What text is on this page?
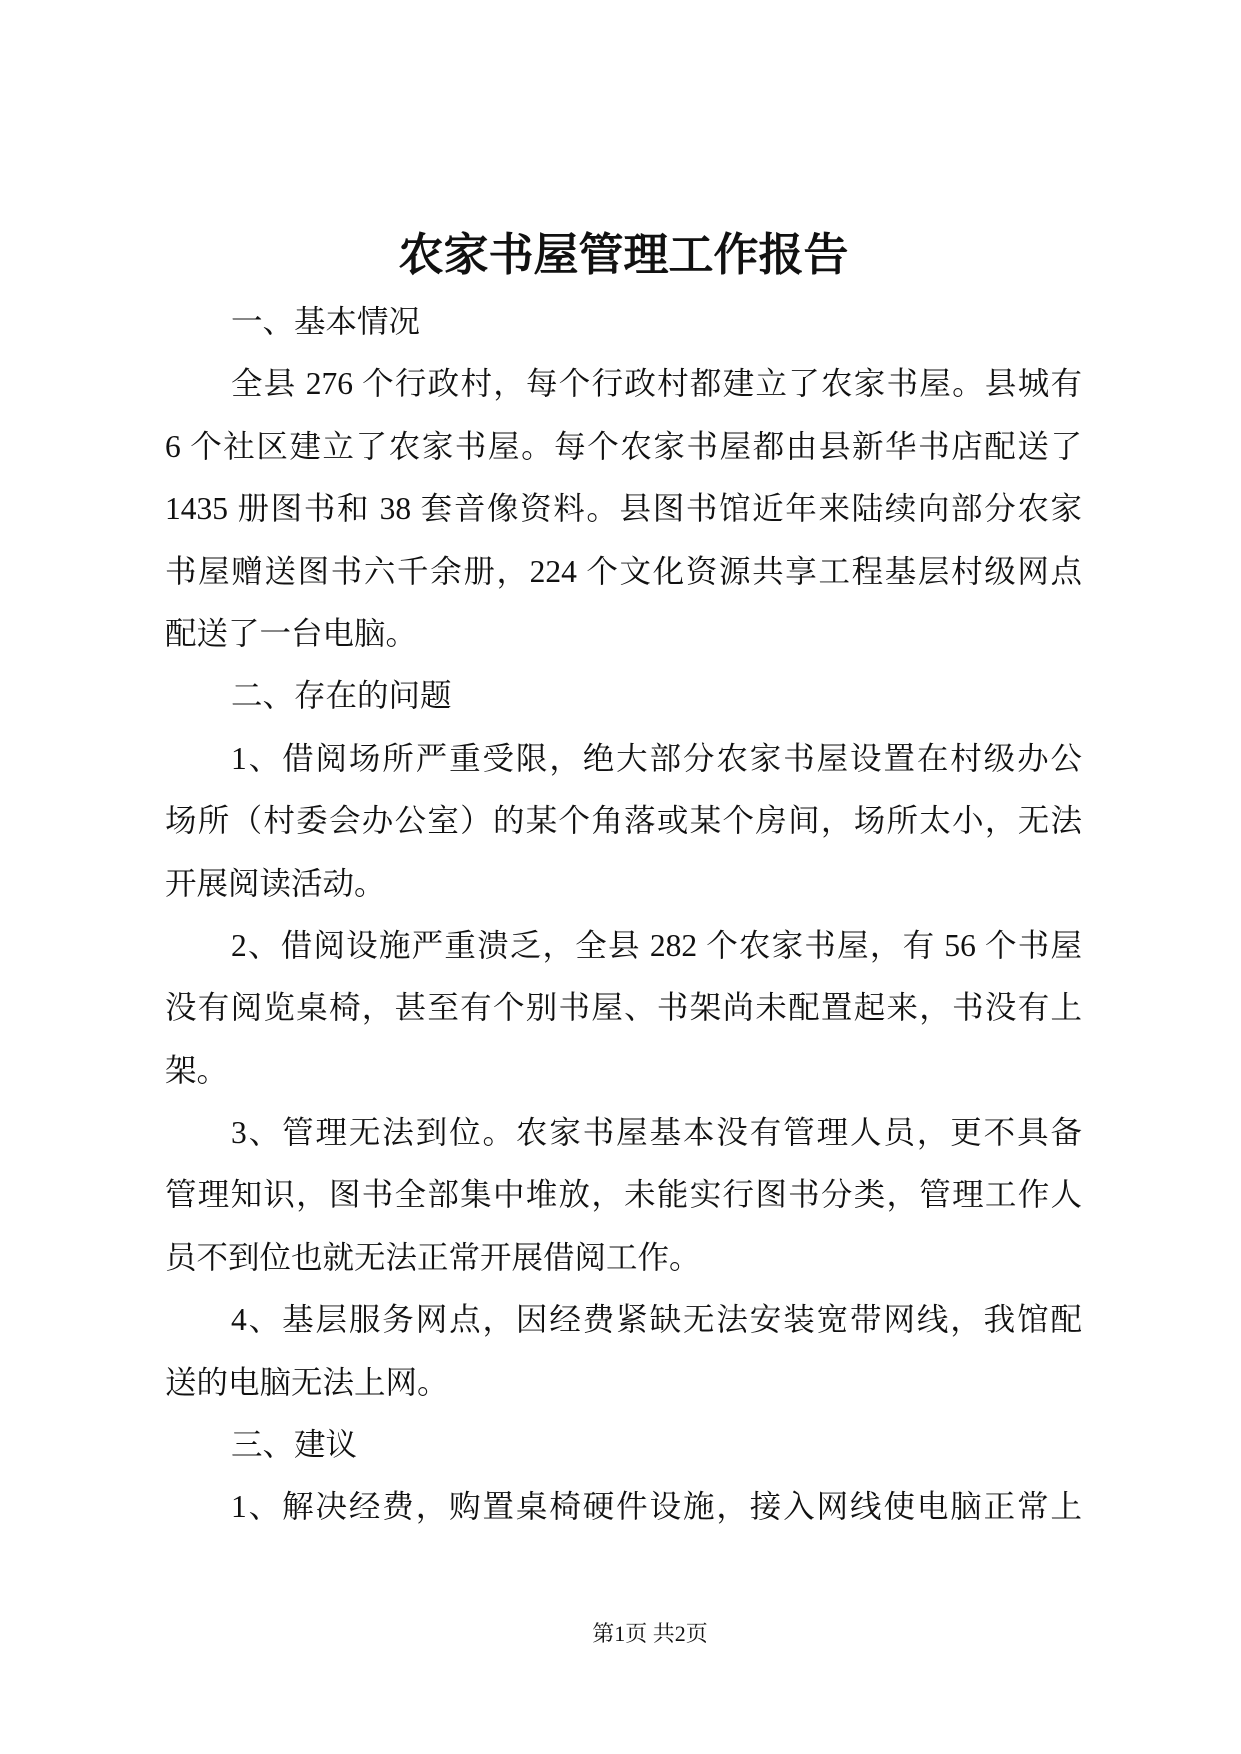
农家书屋管理工作报告
一、基本情况
全县 276 个行政村，每个行政村都建立了农家书屋。县城有
6 个社区建立了农家书屋。每个农家书屋都由县新华书店配送了
1435 册图书和 38 套音像资料。县图书馆近年来陆续向部分农家
书屋赠送图书六千余册，224 个文化资源共享工程基层村级网点
配送了一台电脑。
二、存在的问题
1、借阅场所严重受限，绝大部分农家书屋设置在村级办公
场所（村委会办公室）的某个角落或某个房间，场所太小，无法
开展阅读活动。
2、借阅设施严重溃乏，全县 282 个农家书屋，有 56 个书屋
没有阅览桌椅，甚至有个别书屋、书架尚未配置起来，书没有上
架。
3、管理无法到位。农家书屋基本没有管理人员，更不具备
管理知识，图书全部集中堆放，未能实行图书分类，管理工作人
员不到位也就无法正常开展借阅工作。
4、基层服务网点，因经费紧缺无法安装宽带网线，我馆配
送的电脑无法上网。
三、建议
1、解决经费，购置桌椅硬件设施，接入网线使电脑正常上
第1页 共2页
